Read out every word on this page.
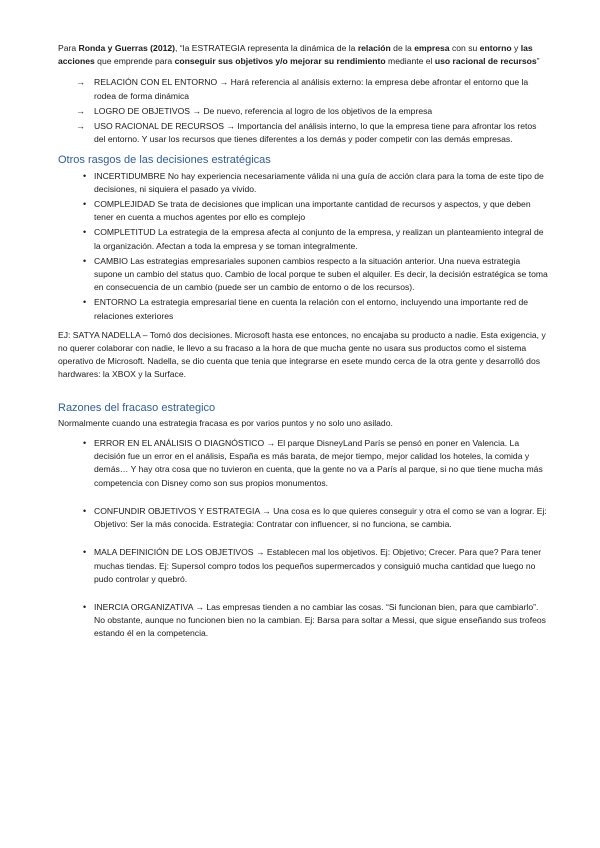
Para Ronda y Guerras (2012), “la ESTRATEGIA representa la dinámica de la relación de la empresa con su entorno y las acciones que emprende para conseguir sus objetivos y/o mejorar su rendimiento mediante el uso racional de recursos”

→ RELACIÓN CON EL ENTORNO → Hará referencia al análisis externo: la empresa debe afrontar el entorno que la rodea de forma dinámica
→ LOGRO DE OBJETIVOS → De nuevo, referencia al logro de los objetivos de la empresa
→ USO RACIONAL DE RECURSOS → Importancia del análisis interno, lo que la empresa tiene para afrontar los retos del entorno. Y usar los recursos que tienes diferentes a los demás y poder competir con las demás empresas.
Otros rasgos de las decisiones estratégicas
• INCERTIDUMBRE No hay experiencia necesariamente válida ni una guía de acción clara para la toma de este tipo de decisiones, ni siquiera el pasado ya vivido.
• COMPLEJIDAD Se trata de decisiones que implican una importante cantidad de recursos y aspectos, y que deben tener en cuenta a muchos agentes por ello es complejo
• COMPLETITUD La estrategia de la empresa afecta al conjunto de la empresa, y realizan un planteamiento integral de la organización. Afectan a toda la empresa y se toman integralmente.
• CAMBIO Las estrategias empresariales suponen cambios respecto a la situación anterior. Una nueva estrategia supone un cambio del status quo. Cambio de local porque te suben el alquiler. Es decir, la decisión estratégica se toma en consecuencia de un cambio (puede ser un cambio de entorno o de los recursos).
• ENTORNO La estrategia empresarial tiene en cuenta la relación con el entorno, incluyendo una importante red de relaciones exteriores

EJ: SATYA NADELLA – Tomó dos decisiones. Microsoft hasta ese entonces, no encajaba su producto a nadie. Esta exigencia, y no querer colaborar con nadie, le llevo a su fracaso a la hora de que mucha gente no usara sus productos como el sistema operativo de Microsoft. Nadella, se dio cuenta que tenia que integrarse en esete mundo cerca de la otra gente y desarrolló dos hardwares: la XBOX y la Surface.

Razones del fracaso estrategico

Normalmente cuando una estrategia fracasa es por varios puntos y no solo uno asilado.

• ERROR EN EL ANÁLISIS O DIAGNÓSTICO → El parque DisneyLand París se pensó en poner en Valencia. La decisión fue un error en el análisis, España es más barata, de mejor tiempo, mejor calidad los hoteles, la comida y demás… Y hay otra cosa que no tuvieron en cuenta, que la gente no va a París al parque, si no que tiene mucha más competencia con Disney como son sus propios monumentos.
• CONFUNDIR OBJETIVOS Y ESTRATEGIA → Una cosa es lo que quieres conseguir y otra el como se van a lograr. Ej: Objetivo: Ser la más conocida. Estrategia: Contratar con influencer, si no funciona, se cambia.
• MALA DEFINICIÓN DE LOS OBJETIVOS → Establecen mal los objetivos. Ej: Objetivo; Crecer. Para que? Para tener muchas tiendas. Ej: Supersol compro todos los pequeños supermercados y consiguió mucha cantidad que luego no pudo controlar y quebró.
• INERCIA ORGANIZATIVA → Las empresas tienden a no cambiar las cosas. “Si funcionan bien, para que cambiarlo”. No obstante, aunque no funcionen bien no la cambian. Ej: Barsa para soltar a Messi, que sigue enseñando sus trofeos estando él en la competencia.
